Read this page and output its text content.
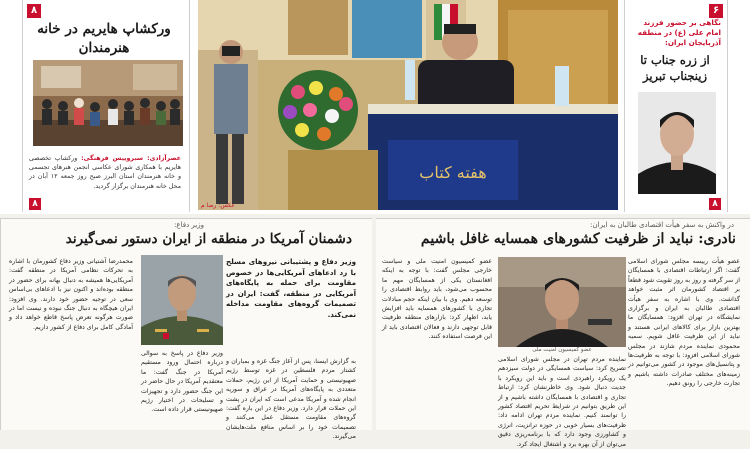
۸
ورکشاپ هایریم در خانه هنرمندان
عصرآزادی: سبروییس فرهنگی: ورکشاپ تخصصی هایریم با همکاری شورای عکاسی انجمن هنرهای تجسمی و خانه هنرمندان استان البرز صبح روز جمعه ۱۲ آبان در محل خانه هنرمندان برگزار گردید.
۸
هفته کتاب
عکس: رضا م
۶
نگاهی بر حضور فرزند امام علی (ع) در منطقه آذربایجان ایران:
از زره جناب تا زینجناب تبریز
۸
در واکنش به سفر هیأت اقتصادی طالبان به ایران:
نادری: نباید از ظرفیت کشورهای همسایه غافل باشیم
عضو هیأت رییسه مجلس شورای اسلامی گفت: اگر ارتباطات اقتصادی با همسایگان از سر گرفته و روز به روز تقویت شود قطعاً بر اقتصاد کشورمان اثر مثبت خواهد گذاشت. وی با اشاره به سفر هیأت اقتصادی طالبان به ایران و برگزاری نمایشگاه در تهران افزود: همسایگان ما بهترین بازار برای کالاهای ایرانی هستند و نباید از این ظرفیت غافل شویم. سمیه محمودی نماینده مردم شازند در مجلس شورای اسلامی افزود: با توجه به ظرفیت‌ها و پتانسیل‌های موجود در کشور می‌توانیم در زمینه‌های مختلف صادرات داشته باشیم و تجارت خارجی را رونق دهیم.
نماینده مردم تهران در مجلس شورای اسلامی تصریح کرد: سیاست همسایگی در دولت سیزدهم یک رویکرد راهبردی است و باید این رویکرد با جدیت دنبال شود. وی خاطرنشان کرد: ارتباط تجاری و اقتصادی با همسایگان داشته باشیم و از این طریق بتوانیم در شرایط تحریم اقتصاد کشور را توانمند کنیم. نماینده مردم تهران ادامه داد: ظرفیت‌های بسیار خوبی در حوزه ترانزیت، انرژی و کشاورزی وجود دارد که با برنامه‌ریزی دقیق می‌توان از آن بهره برد و اشتغال ایجاد کرد.
عضو کمیسیون امنیت ملی و سیاست خارجی مجلس گفت: با توجه به اینکه افغانستان یکی از همسایگان مهم ما محسوب می‌شود، باید روابط اقتصادی را توسعه دهیم. وی با بیان اینکه حجم مبادلات تجاری با کشورهای همسایه باید افزایش یابد، اظهار کرد: بازارهای منطقه ظرفیت قابل توجهی دارند و فعالان اقتصادی باید از این فرصت استفاده کنند.
عضو کمیسیون امنیت ملی
وزیر دفاع:
دشمنان آمریکا در منطقه از ایران دستور نمی‌گیرند
وزیر دفاع و پشتیبانی نیروهای مسلح با رد ادعاهای آمریکایی‌ها در خصوص مقاومت برای حمله به پایگاه‌های آمریکایی در منطقه، گفت: ایران در تصمیمات گروه‌های مقاومت مداخله نمی‌کند.
به گزارش ایسنا، پس از آغاز جنگ غزه و بمباران و کشتار مردم فلسطین در غزه توسط رژیم صهیونیستی و حمایت آمریکا از این رژیم، حملات متعددی به پایگاه‌های آمریکا در عراق و سوریه انجام شده و آمریکا مدعی است که ایران در پشت این حملات قرار دارد. وزیر دفاع در این باره گفت: گروه‌های مقاومت مستقل عمل می‌کنند و تصمیمات خود را بر اساس منافع ملت‌هایشان می‌گیرند.
وزیر دفاع در پاسخ به سوالی درباره احتمال ورود مستقیم آمریکا در جنگ گفت: ما معتقدیم آمریکا در حال حاضر در این جنگ حضور دارد و تجهیزات و تسلیحات در اختیار رژیم صهیونیستی قرار داده است.
محمدرضا آشتیانی وزیر دفاع کشورمان با اشاره به تحرکات نظامی آمریکا در منطقه گفت: آمریکایی‌ها همیشه به دنبال بهانه برای حضور در منطقه بوده‌اند و اکنون نیز با ادعاهای بی‌اساس سعی در توجیه حضور خود دارند. وی افزود: ایران هیچگاه به دنبال جنگ نبوده و نیست اما در صورت هرگونه تعرض پاسخ قاطع خواهد داد و آمادگی کامل برای دفاع از کشور داریم.
